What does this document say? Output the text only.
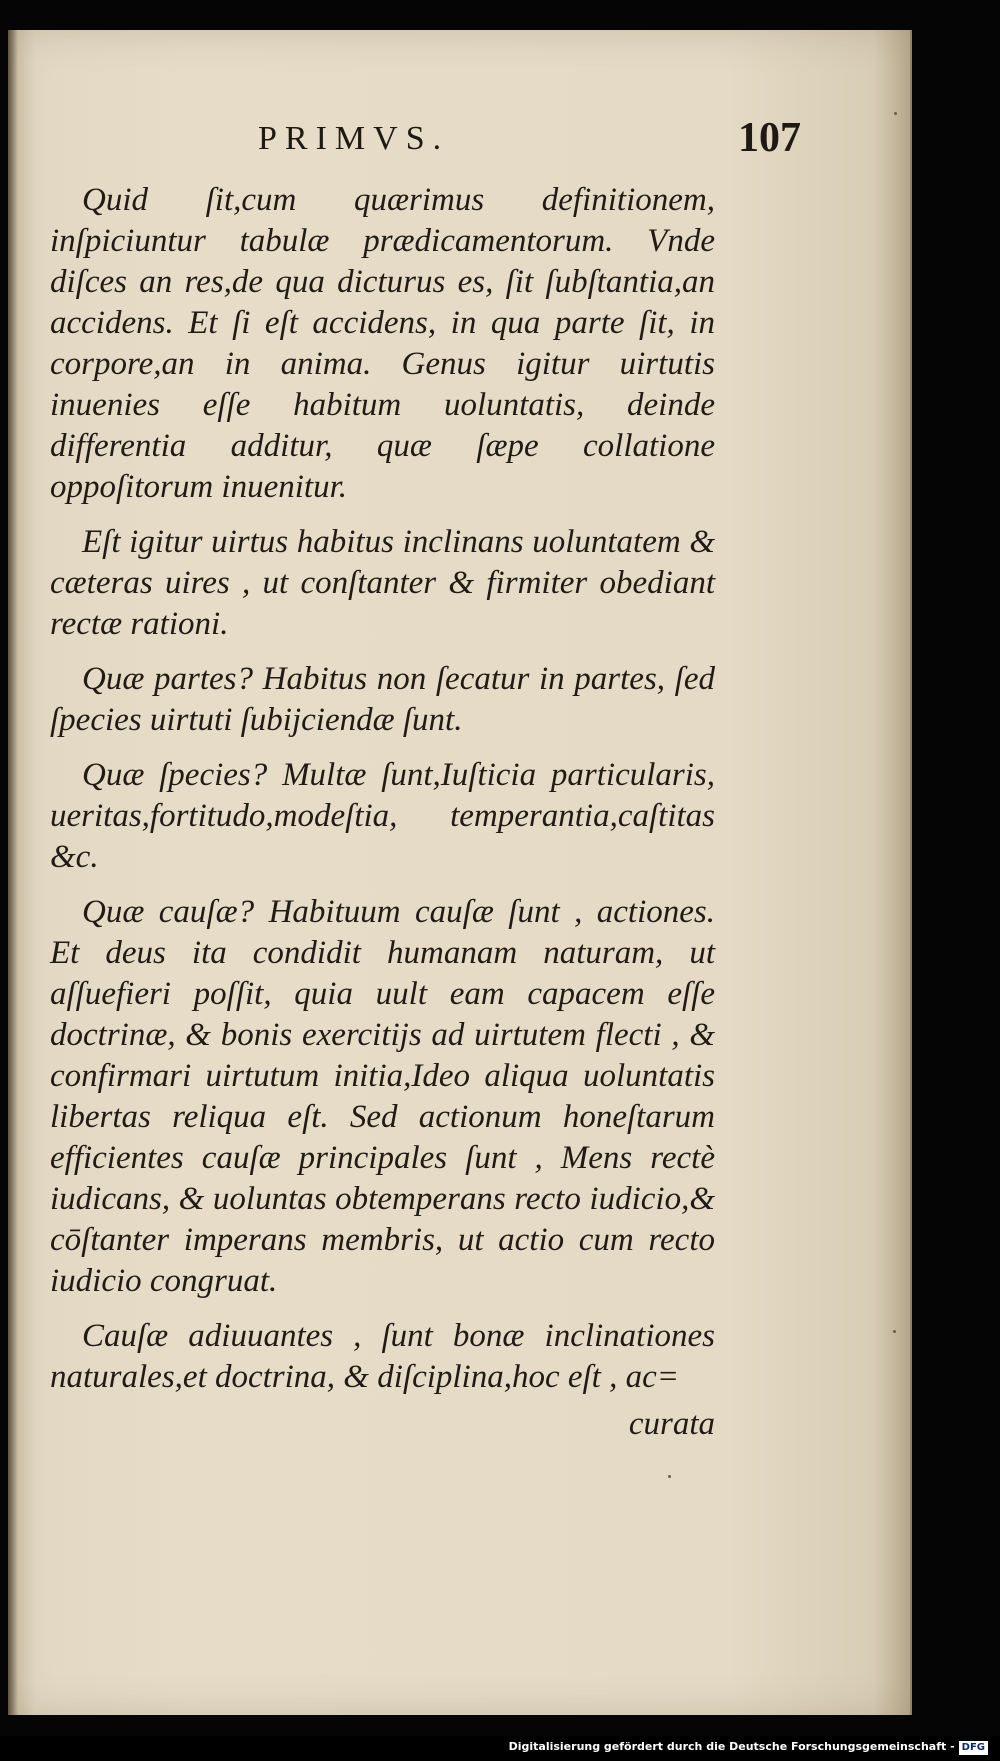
PRIMVS.	107

Quid ſit,cum quærimus definitionem, inſpiciuntur tabulæ prædicamentorum. Vnde diſces an res,de qua dicturus es, ſit ſubſtantia,an accidens. Et ſi eſt accidens, in qua parte ſit, in corpore,an in anima. Genus igitur uirtutis inuenies eſſe habitum uoluntatis, deinde differentia additur, quæ ſæpe collatione oppoſitorum inuenitur.

Eſt igitur uirtus habitus inclinans uoluntatem & cæteras uires , ut conſtanter & firmiter obediant rectæ rationi.

Quæ partes? Habitus non ſecatur in partes, ſed ſpecies uirtuti ſubijciendæ ſunt.

Quæ ſpecies? Multæ ſunt,Iuſticia particularis, ueritas,fortitudo,modeſtia, temperantia,caſtitas &c.

Quæ cauſæ? Habituum cauſæ ſunt , actiones. Et deus ita condidit humanam naturam, ut aſſuefieri poſſit, quia uult eam capacem eſſe doctrinæ, & bonis exercitijs ad uirtutem flecti , & confirmari uirtutum initia,Ideo aliqua uoluntatis libertas reliqua eſt. Sed actionum honeſtarum efficientes cauſæ principales ſunt , Mens rectè iudicans, & uoluntas obtemperans recto iudicio,& cōſtanter imperans membris, ut actio cum recto iudicio congruat.

Cauſæ adiuuantes , ſunt bonæ inclinationes naturales,et doctrina, & diſciplina,hoc eſt , ac=

curata
Digitalisierung gefördert durch die Deutsche Forschungsgemeinschaft - DFG
